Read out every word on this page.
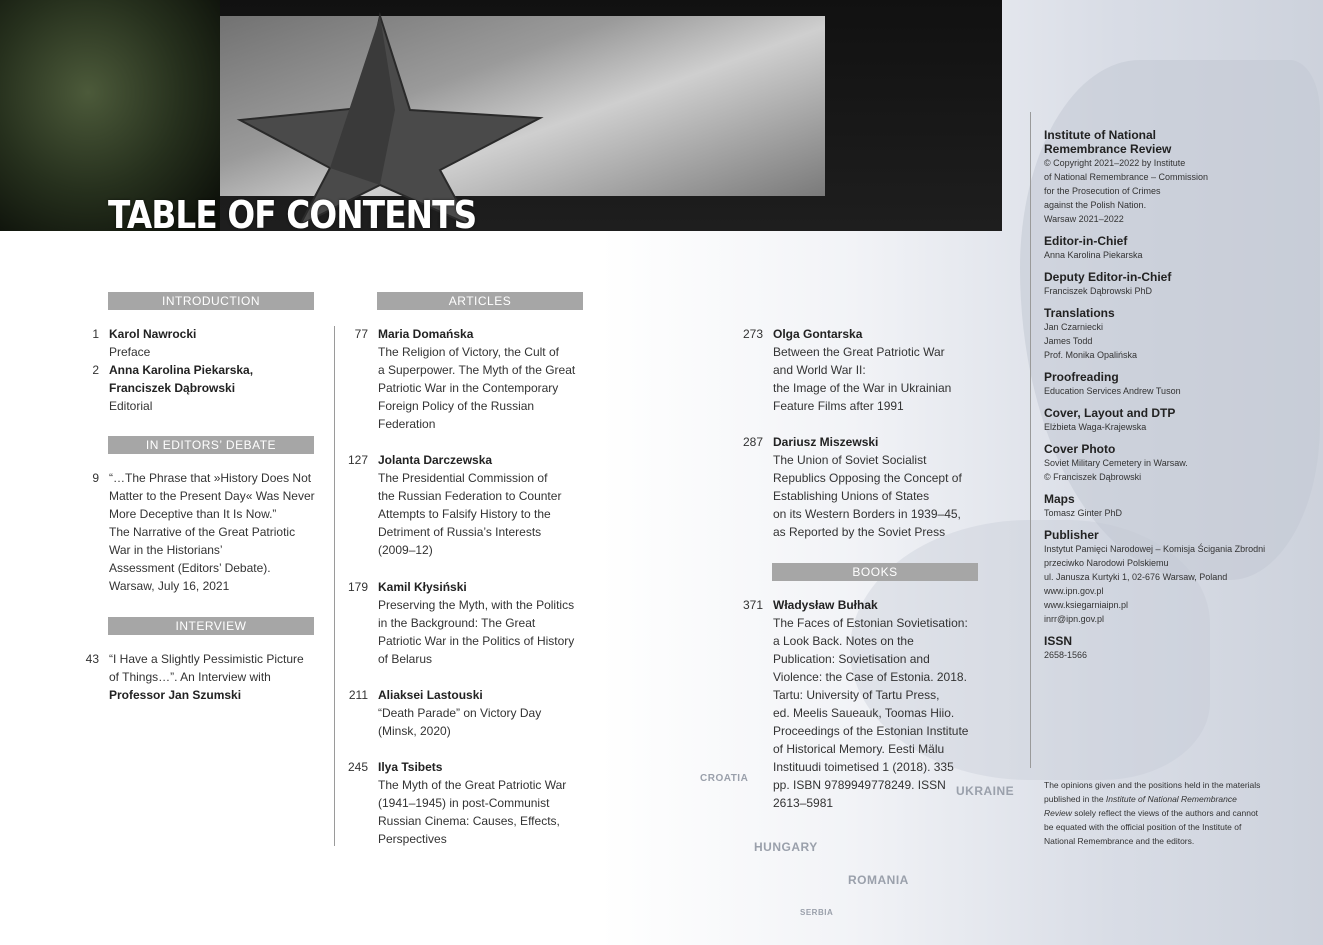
UKRAINE
HUNGARY
ROMANIA
SERBIA
CROATIA
TABLE OF CONTENTS
INTRODUCTION
IN EDITORS’ DEBATE
INTERVIEW
ARTICLES
BOOKS
1 Karol Nawrocki
Preface
2 Anna Karolina Piekarska,
Franciszek Dąbrowski
Editorial
9 “…The Phrase that »History Does Not
Matter to the Present Day« Was Never
More Deceptive than It Is Now.”
The Narrative of the Great Patriotic
War in the Historians’
Assessment (Editors’ Debate).
Warsaw, July 16, 2021
43 “I Have a Slightly Pessimistic Picture
of Things…”. An Interview with
Professor Jan Szumski
77 Maria Domańska
The Religion of Victory, the Cult of
a Superpower. The Myth of the Great
Patriotic War in the Contemporary
Foreign Policy of the Russian
Federation
127 Jolanta Darczewska
The Presidential Commission of
the Russian Federation to Counter
Attempts to Falsify History to the
Detriment of Russia’s Interests
(2009–12)
179 Kamil Kłysiński
Preserving the Myth, with the Politics
in the Background: The Great
Patriotic War in the Politics of History
of Belarus
211 Aliaksei Lastouski
“Death Parade” on Victory Day
(Minsk, 2020)
245 Ilya Tsibets
The Myth of the Great Patriotic War
(1941–1945) in post-Communist
Russian Cinema: Causes, Effects,
Perspectives
273 Olga Gontarska
Between the Great Patriotic War
and World War II:
the Image of the War in Ukrainian
Feature Films after 1991
287 Dariusz Miszewski
The Union of Soviet Socialist
Republics Opposing the Concept of
Establishing Unions of States
on its Western Borders in 1939–45,
as Reported by the Soviet Press
371 Władysław Bułhak
The Faces of Estonian Sovietisation:
a Look Back. Notes on the
Publication: Sovietisation and
Violence: the Case of Estonia. 2018.
Tartu: University of Tartu Press,
ed. Meelis Saueauk, Toomas Hiio.
Proceedings of the Estonian Institute
of Historical Memory. Eesti Mälu
Instituudi toimetised 1 (2018). 335
pp. ISBN 9789949778249. ISSN
2613–5981
Institute of National
Remembrance Review
© Copyright 2021–2022 by Institute
of National Remembrance – Commission
for the Prosecution of Crimes
against the Polish Nation.
Warsaw 2021–2022
Editor-in-Chief
Anna Karolina Piekarska
Deputy Editor-in-Chief
Franciszek Dąbrowski PhD
Translations
Jan Czarniecki
James Todd
Prof. Monika Opalińska
Proofreading
Education Services Andrew Tuson
Cover, Layout and DTP
Elżbieta Waga-Krajewska
Cover Photo
Soviet Military Cemetery in Warsaw.
© Franciszek Dąbrowski
Maps
Tomasz Ginter PhD
Publisher
Instytut Pamięci Narodowej – Komisja Ścigania Zbrodni
przeciwko Narodowi Polskiemu
ul. Janusza Kurtyki 1, 02-676 Warsaw, Poland
www.ipn.gov.pl
www.ksiegarniaipn.pl
inrr@ipn.gov.pl
ISSN
2658-1566
The opinions given and the positions held in the materials published in the Institute of National Remembrance Review solely reflect the views of the authors and cannot be equated with the official position of the Institute of National Remembrance and the editors.
